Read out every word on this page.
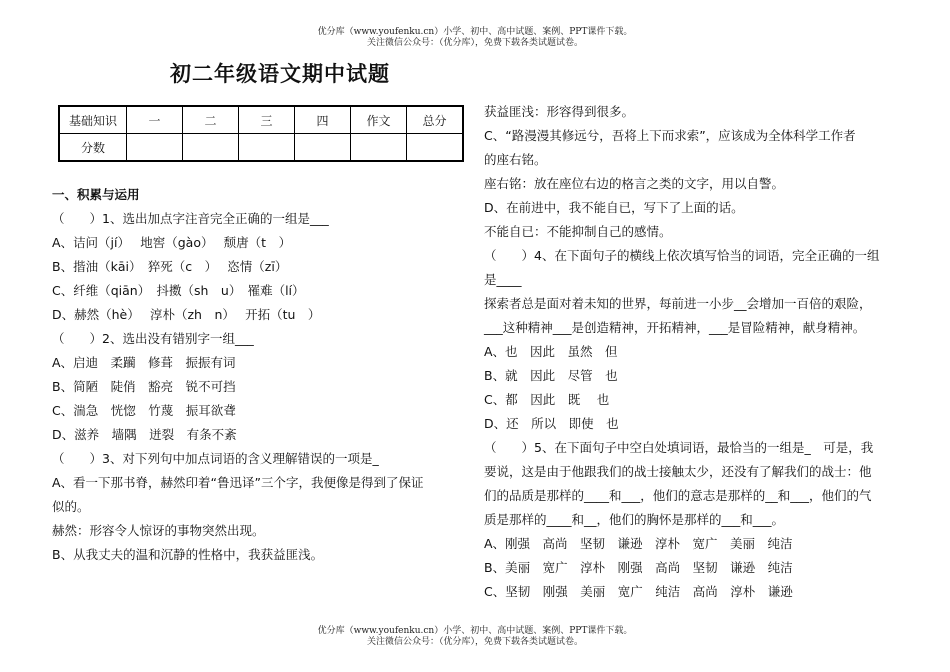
优分库（www.youfenku.cn）小学、初中、高中试题、案例、PPT课件下载。
关注微信公众号：（优分库），免费下载各类试题试卷。
初二年级语文期中试题
基础知识	一	二	三	四	作文	总分
分数						

一、积累与运用

（　　）1、选出加点字注音完全正确的一组是___

A、诘问（jí）　 地窖（gào）　 颓唐（t　）

B、揩油（kāi）　猝死（c　）　 恣情（zī）

C、纤维（qiān）　抖擞（sh　u）　罹难（lí）

D、赫然（hè）　 淳朴（zh　n）　 开拓（tu　）

（　　）2、选出没有错别字一组___

A、启迪　柔躏　修葺　振振有词

B、简陋　陡俏　豁亮　锐不可挡

C、湍急　恍惚　竹蔑　振耳欲聋

D、滋养　墙隅　迸裂　有条不紊

（　　）3、对下列句中加点词语的含义理解错误的一项是_

A、看一下那书脊，赫然印着“鲁迅译”三个字，我便像是得到了保证

似的。

赫然：形容令人惊讶的事物突然出现。

B、从我丈夫的温和沉静的性格中，我获益匪浅。

获益匪浅：形容得到很多。

C、“路漫漫其修远兮，吾将上下而求索”，应该成为全体科学工作者

的座右铭。

座右铭：放在座位右边的格言之类的文字，用以自警。

D、在前进中，我不能自已，写下了上面的话。

不能自已：不能抑制自己的感情。

（　　）4、在下面句子的横线上依次填写恰当的词语，完全正确的一组

是____

探索者总是面对着未知的世界，每前进一小步__会增加一百倍的艰险，

___这种精神___是创造精神，开拓精神，___是冒险精神，献身精神。

A、也　因此　虽然　但

B、就　因此　尽管　也

C、都　因此　既　 也

D、还　所以　即使　也

（　　）5、在下面句子中空白处填词语，最恰当的一组是_　可是，我

要说，这是由于他跟我们的战士接触太少，还没有了解我们的战士：他

们的品质是那样的____和___，他们的意志是那样的__和___，他们的气

质是那样的____和__，他们的胸怀是那样的___和___。

A、刚强　高尚　坚韧　谦逊　淳朴　宽广　美丽　纯洁

B、美丽　宽广　淳朴　刚强　高尚　坚韧　谦逊　纯洁

C、坚韧　刚强　美丽　宽广　纯洁　高尚　淳朴　谦逊

优分库（www.youfenku.cn）小学、初中、高中试题、案例、PPT课件下载。
关注微信公众号：（优分库），免费下载各类试题试卷。
